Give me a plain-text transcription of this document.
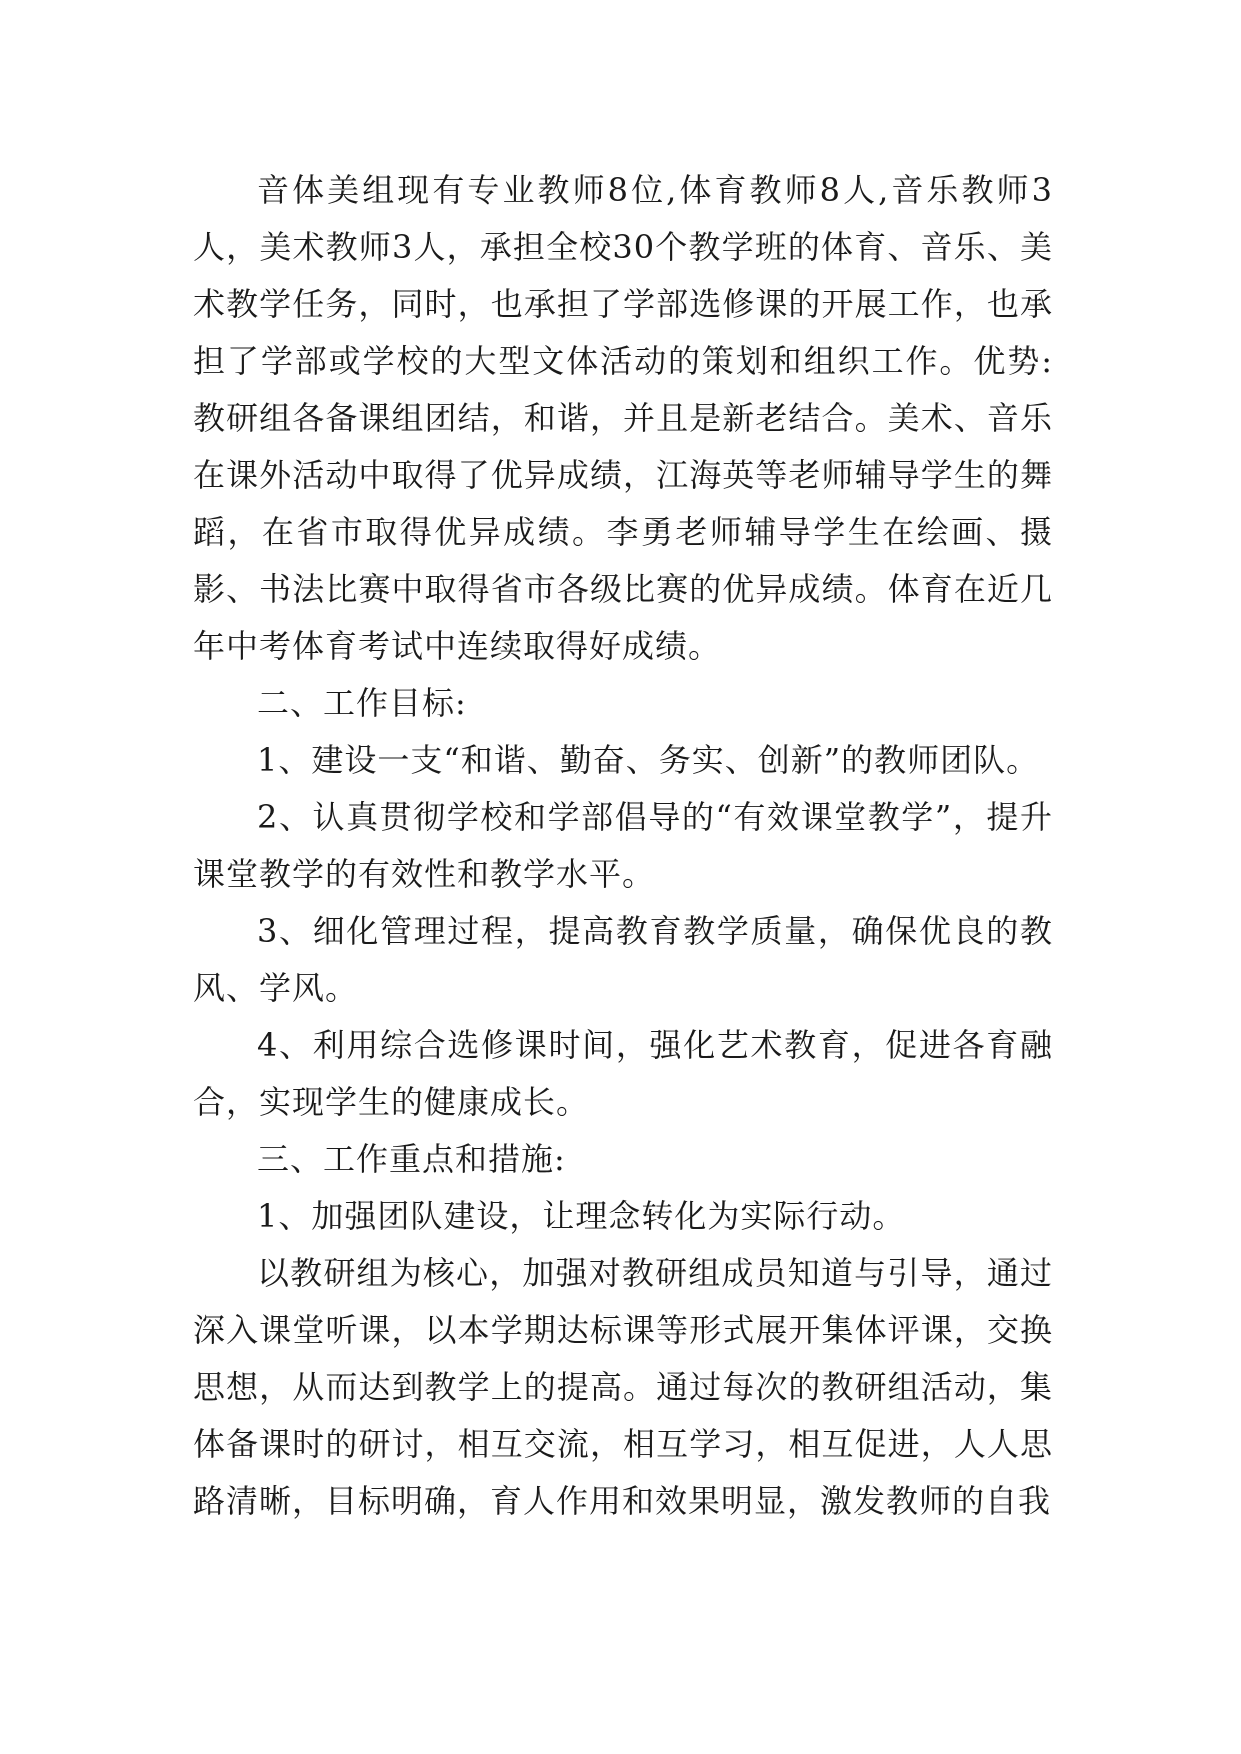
音体美组现有专业教师8位,体育教师8人,音乐教师3人，美术教师3人，承担全校30个教学班的体育、音乐、美术教学任务，同时，也承担了学部选修课的开展工作，也承担了学部或学校的大型文体活动的策划和组织工作。优势:教研组各备课组团结，和谐，并且是新老结合。美术、音乐在课外活动中取得了优异成绩，江海英等老师辅导学生的舞蹈，在省市取得优异成绩。李勇老师辅导学生在绘画、摄影、书法比赛中取得省市各级比赛的优异成绩。体育在近几年中考体育考试中连续取得好成绩。

二、工作目标:

1、建设一支“和谐、勤奋、务实、创新”的教师团队。

2、认真贯彻学校和学部倡导的“有效课堂教学”，提升课堂教学的有效性和教学水平。

3、细化管理过程，提高教育教学质量，确保优良的教风、学风。

4、利用综合选修课时间，强化艺术教育，促进各育融合，实现学生的健康成长。

三、工作重点和措施:

1、加强团队建设，让理念转化为实际行动。

以教研组为核心，加强对教研组成员知道与引导，通过深入课堂听课，以本学期达标课等形式展开集体评课，交换思想，从而达到教学上的提高。通过每次的教研组活动，集体备课时的研讨，相互交流，相互学习，相互促进，人人思路清晰，目标明确，育人作用和效果明显，激发教师的自我
